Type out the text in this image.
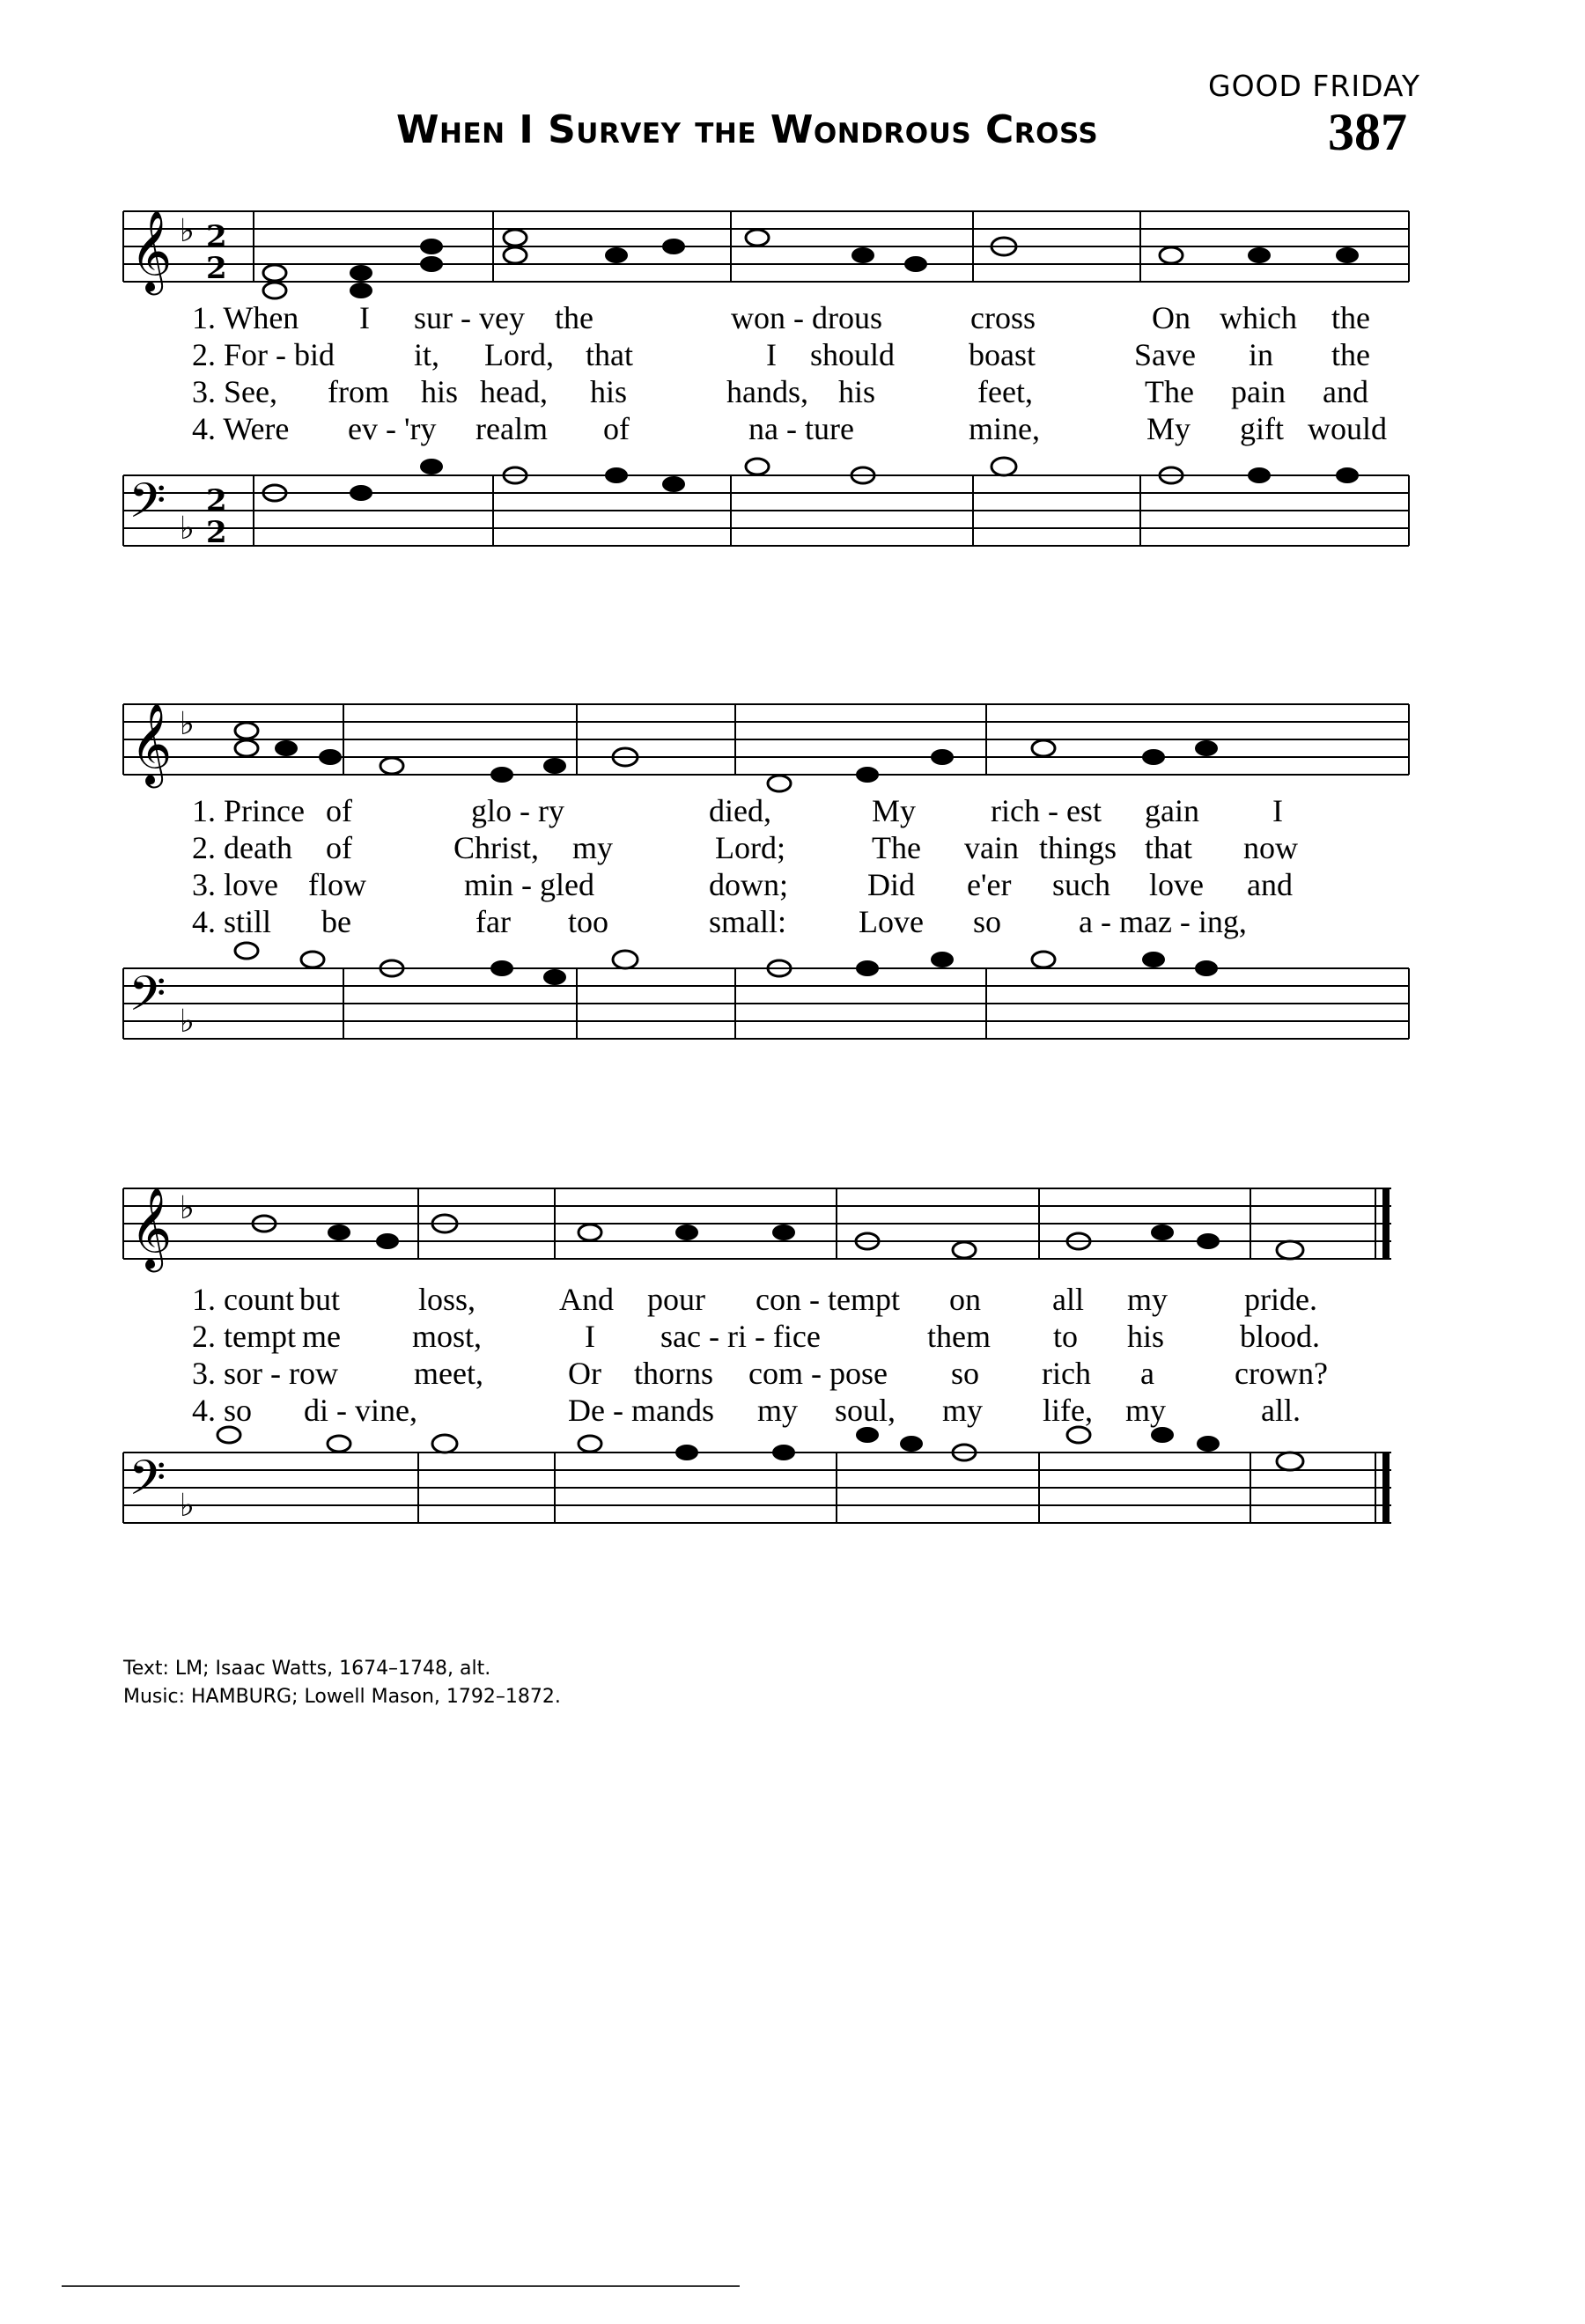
GOOD FRIDAY
When I Survey the Wondrous Cross	387
𝄞 ♭ 2
2
𝄢 ♭
2
2
1. When I sur - vey the	won - drous	cross	On which the
2. For - bid	it, Lord, that	I should boast	Save in the
3. See, from his head, his	hands, his	feet,	The pain and
4. Were ev - 'ry realm of	na - ture	mine,	My gift would
𝄞 ♭
𝄢 ♭
1. Prince of	glo - ry	died,	My rich - est gain I
2. death of	Christ, my	Lord;	The vain things that now
3. love flow	min - gled	down;	Did e'er such love and
4. still be	far too	small: Love so a - maz - ing,
𝄞 ♭
𝄢 ♭
1. count but loss,	And pour con - tempt on all my pride.
2. tempt me most,	I sac - ri - fice	them to his blood.
3. sor - row meet,	Or thorns com - pose so rich a	crown?
4. so di - vine,	De - mands my soul, my life, my	all.
Text: LM; Isaac Watts, 1674–1748, alt.
Music: HAMBURG; Lowell Mason, 1792–1872.
